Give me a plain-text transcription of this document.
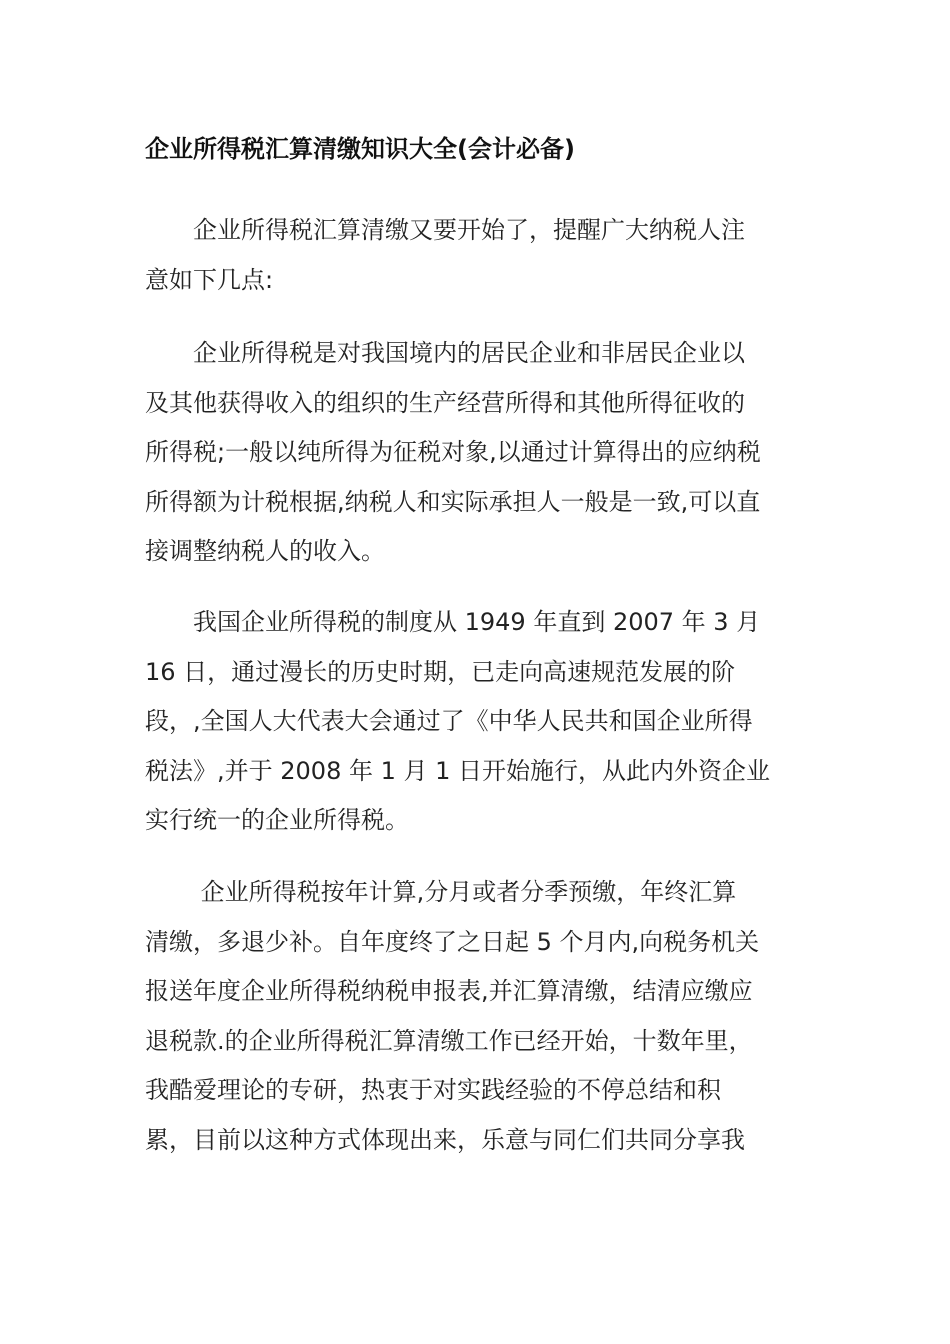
企业所得税汇算清缴知识大全(会计必备)
　　企业所得税汇算清缴又要开始了，提醒广大纳税人注
意如下几点:
　　企业所得税是对我国境内的居民企业和非居民企业以
及其他获得收入的组织的生产经营所得和其他所得征收的
所得税;一般以纯所得为征税对象,以通过计算得出的应纳税
所得额为计税根据,纳税人和实际承担人一般是一致,可以直
接调整纳税人的收入。
　　我国企业所得税的制度从 1949 年直到 2007 年 3 月
16 日，通过漫长的历史时期，已走向高速规范发展的阶
段，,全国人大代表大会通过了《中华人民共和国企业所得
税法》,并于 2008 年 1 月 1 日开始施行，从此内外资企业
实行统一的企业所得税。
　　 企业所得税按年计算,分月或者分季预缴，年终汇算
清缴，多退少补。自年度终了之日起 5 个月内,向税务机关
报送年度企业所得税纳税申报表,并汇算清缴，结清应缴应
退税款.的企业所得税汇算清缴工作已经开始，十数年里，
我酷爱理论的专研，热衷于对实践经验的不停总结和积
累，目前以这种方式体现出来，乐意与同仁们共同分享我
